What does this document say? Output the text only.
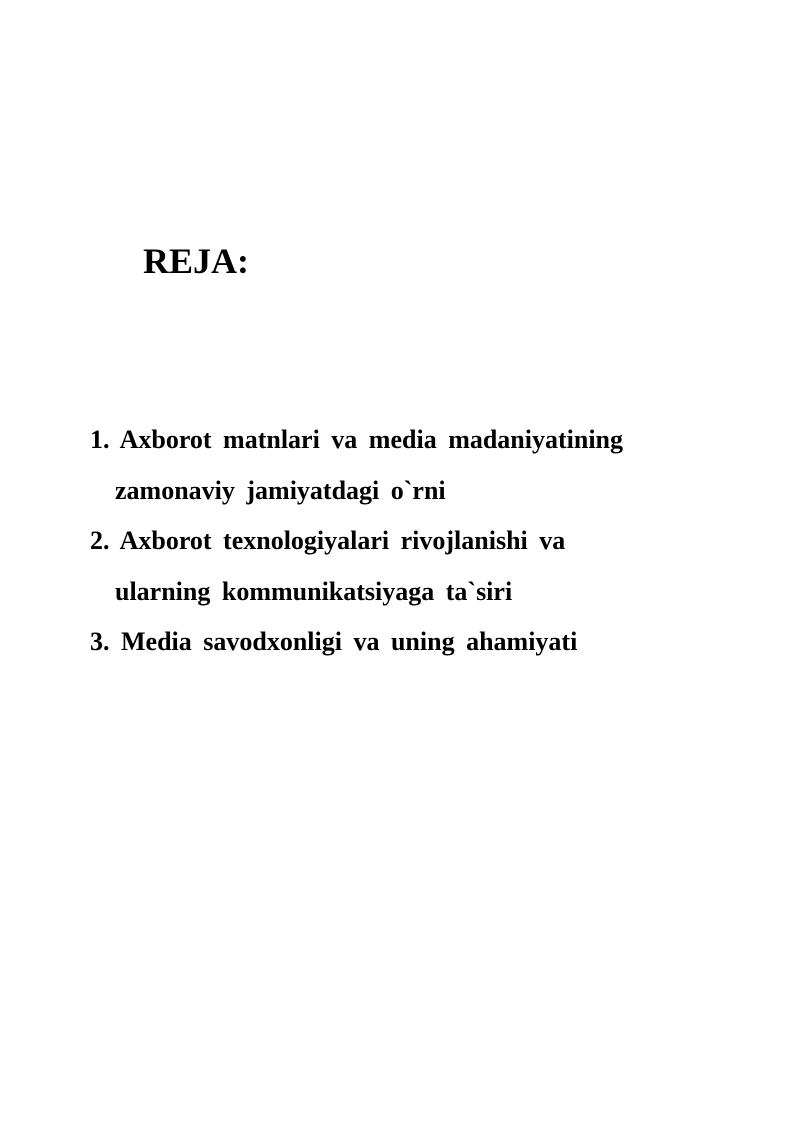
REJA:
1. Axborot matnlari va media madaniyatining
zamonaviy jamiyatdagi o`rni
2. Axborot texnologiyalari rivojlanishi va
ularning kommunikatsiyaga ta`siri
3. Media savodxonligi va uning ahamiyati
